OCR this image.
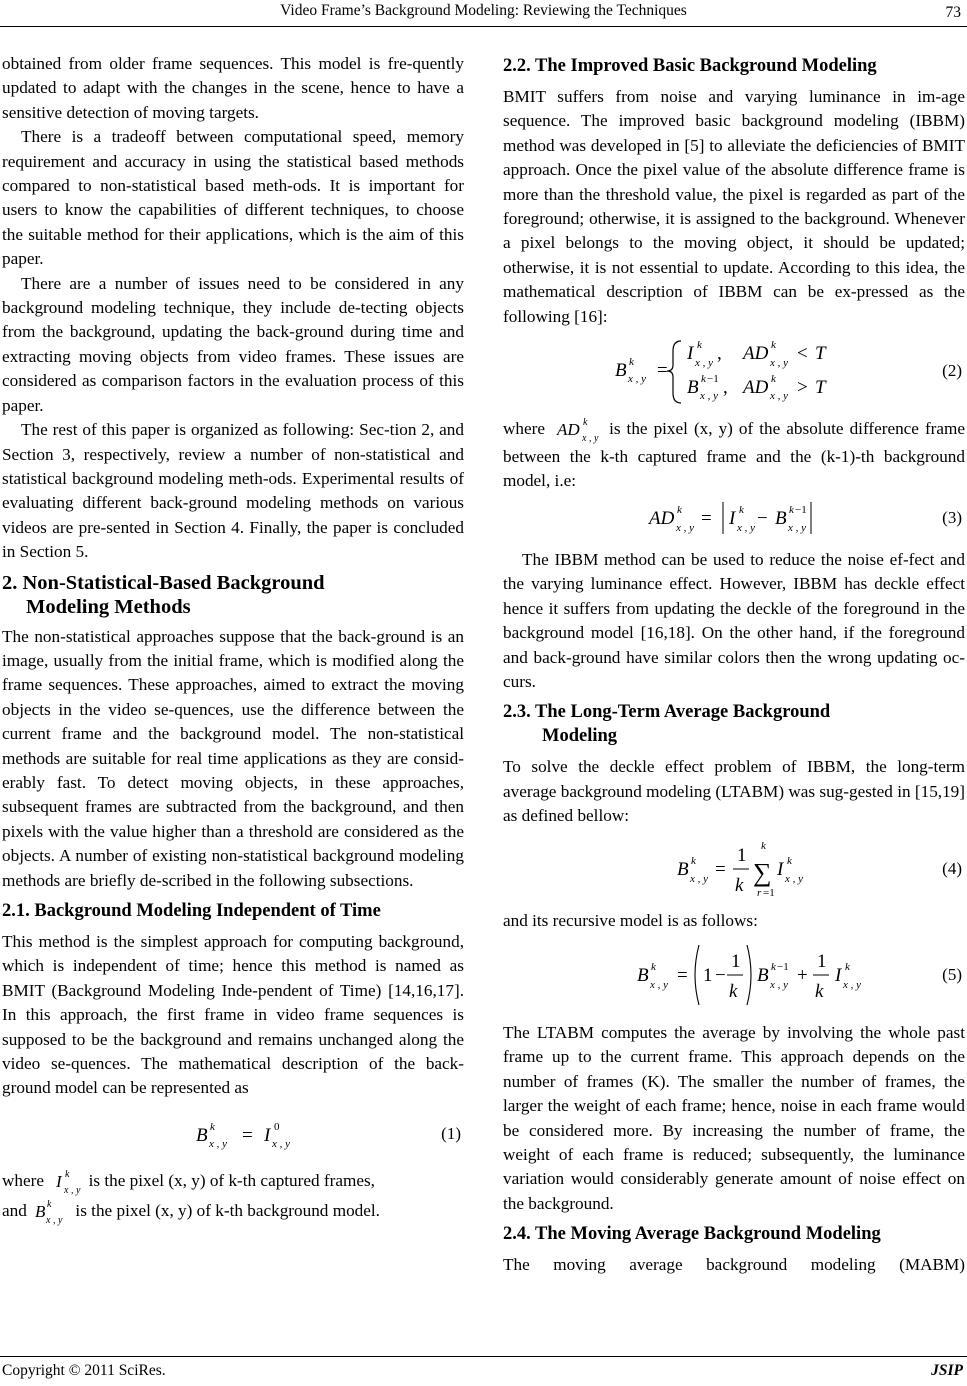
Video Frame’s Background Modeling: Reviewing the Techniques	73

obtained from older frame sequences. This model is fre-quently updated to adapt with the changes in the scene, hence to have a sensitive detection of moving targets.

There is a tradeoff between computational speed, memory requirement and accuracy in using the statistical based methods compared to non-statistical based meth-ods. It is important for users to know the capabilities of different techniques, to choose the suitable method for their applications, which is the aim of this paper.

There are a number of issues need to be considered in any background modeling technique, they include de-tecting objects from the background, updating the back-ground during time and extracting moving objects from video frames. These issues are considered as comparison factors in the evaluation process of this paper.

The rest of this paper is organized as following: Sec-tion 2, and Section 3, respectively, review a number of non-statistical and statistical background modeling meth-ods. Experimental results of evaluating different back-ground modeling methods on various videos are pre-sented in Section 4. Finally, the paper is concluded in Section 5.

2. Non-Statistical-Based Background
Modeling Methods

The non-statistical approaches suppose that the back-ground is an image, usually from the initial frame, which is modified along the frame sequences. These approaches, aimed to extract the moving objects in the video se-quences, use the difference between the current frame and the background model. The non-statistical methods are suitable for real time applications as they are consid-erably fast. To detect moving objects, in these approaches, subsequent frames are subtracted from the background, and then pixels with the value higher than a threshold are considered as the objects. A number of existing non-statistical background modeling methods are briefly de-scribed in the following subsections.

2.1. Background Modeling Independent of Time

This method is the simplest approach for computing background, which is independent of time; hence this method is named as BMIT (Background Modeling Inde-pendent of Time) [14,16,17]. In this approach, the first frame in video frame sequences is supposed to be the background and remains unchanged along the video se-quences. The mathematical description of the back-ground model can be represented as

B k
x , y = I 0
x , y
(1)

where I k
x , y
is the pixel (x, y) of k-th captured frames,
and B k
x , y
is the pixel (x, y) of k-th background model.

2.2. The Improved Basic Background Modeling

BMIT suffers from noise and varying luminance in im-age sequence. The improved basic background modeling (IBBM) method was developed in [5] to alleviate the deficiencies of BMIT approach. Once the pixel value of the absolute difference frame is more than the threshold value, the pixel is regarded as part of the foreground; otherwise, it is assigned to the background. Whenever a pixel belongs to the moving object, it should be updated; otherwise, it is not essential to update. According to this idea, the mathematical description of IBBM can be ex-pressed as the following [16]:

B k
x , y =
I k
x , y , AD k
x , y < T
B k −1
x , y , AD k
x , y > T
(2)

where AD k
x , y
is the pixel (x, y) of the absolute difference frame between the k-th captured frame and the (k-1)-th background model, i.e:

AD k
x , y = I k
x , y − B k −1
x , y
(3)

The IBBM method can be used to reduce the noise ef-fect and the varying luminance effect. However, IBBM has deckle effect hence it suffers from updating the deckle of the foreground in the background model [16,18]. On the other hand, if the foreground and back-ground have similar colors then the wrong updating oc-curs.

2.3. The Long-Term Average Background
Modeling

To solve the deckle effect problem of IBBM, the long-term average background modeling (LTABM) was sug-gested in [15,19] as defined bellow:

B k
x , y =
1
k
k
∑
r =1
I k
x , y
(4)

and its recursive model is as follows:

B k
x , y = 1 −
1
k
B k −1
x , y +
1
k
I k
x , y
(5)

The LTABM computes the average by involving the whole past frame up to the current frame. This approach depends on the number of frames (K). The smaller the number of frames, the larger the weight of each frame; hence, noise in each frame would be considered more. By increasing the number of frame, the weight of each frame is reduced; subsequently, the luminance variation would considerably generate amount of noise effect on the background.

2.4. The Moving Average Background Modeling

The moving average background modeling (MABM)

Copyright © 2011 SciRes.	JSIP
